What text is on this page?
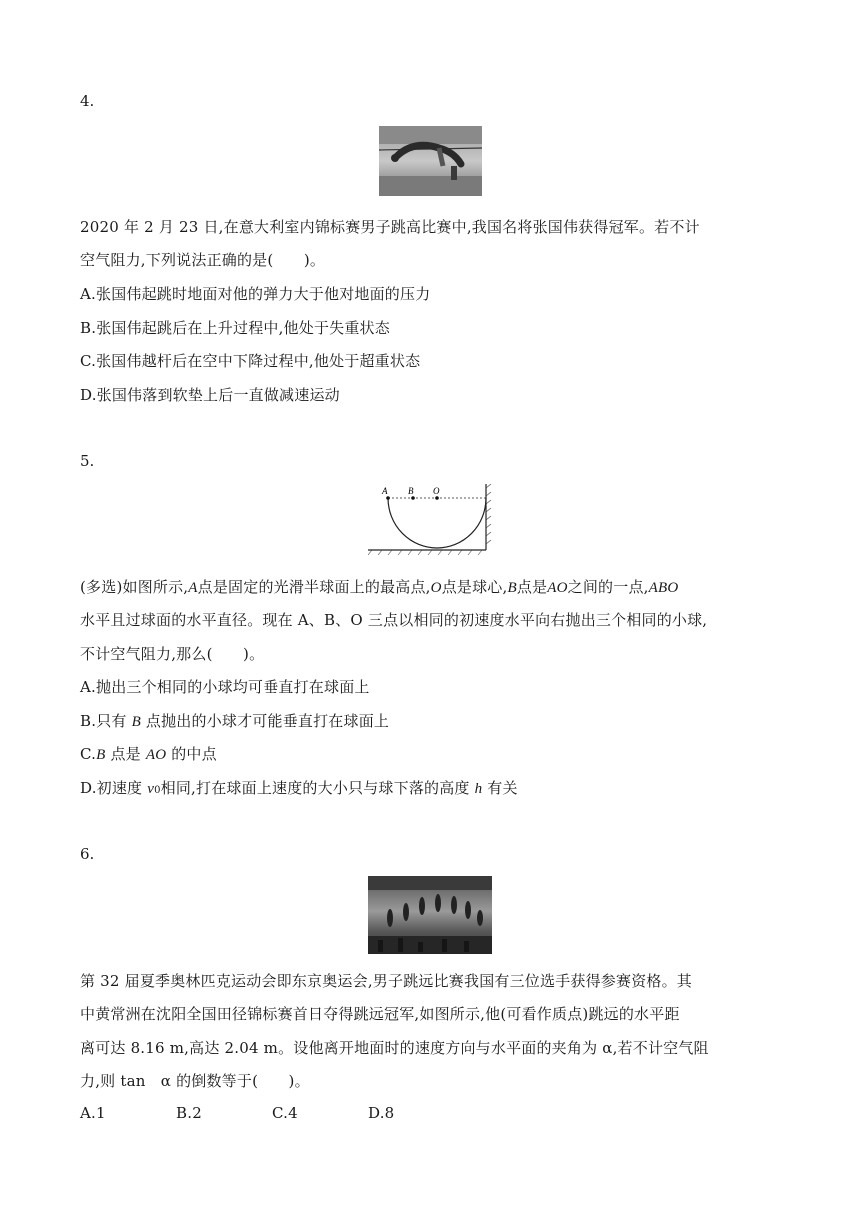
4.
2020 年 2 月 23 日,在意大利室内锦标赛男子跳高比赛中,我国名将张国伟获得冠军。若不计
空气阻力,下列说法正确的是(　　)。
A.张国伟起跳时地面对他的弹力大于他对地面的压力
B.张国伟起跳后在上升过程中,他处于失重状态
C.张国伟越杆后在空中下降过程中,他处于超重状态
D.张国伟落到软垫上后一直做减速运动
5.
A B O
(多选)如图所示,A点是固定的光滑半球面上的最高点,O点是球心,B点是AO之间的一点,ABO
水平且过球面的水平直径。现在 A、B、O 三点以相同的初速度水平向右抛出三个相同的小球,
不计空气阻力,那么(　　)。
A.抛出三个相同的小球均可垂直打在球面上
B.只有 B 点抛出的小球才可能垂直打在球面上
C.B 点是 AO 的中点
D.初速度 v0相同,打在球面上速度的大小只与球下落的高度 h 有关
6.
第 32 届夏季奥林匹克运动会即东京奥运会,男子跳远比赛我国有三位选手获得参赛资格。其
中黄常洲在沈阳全国田径锦标赛首日夺得跳远冠军,如图所示,他(可看作质点)跳远的水平距
离可达 8.16 m,高达 2.04 m。设他离开地面时的速度方向与水平面的夹角为 α,若不计空气阻
力,则 tan　α 的倒数等于(　　)。
A.1	B.2	C.4	D.8
